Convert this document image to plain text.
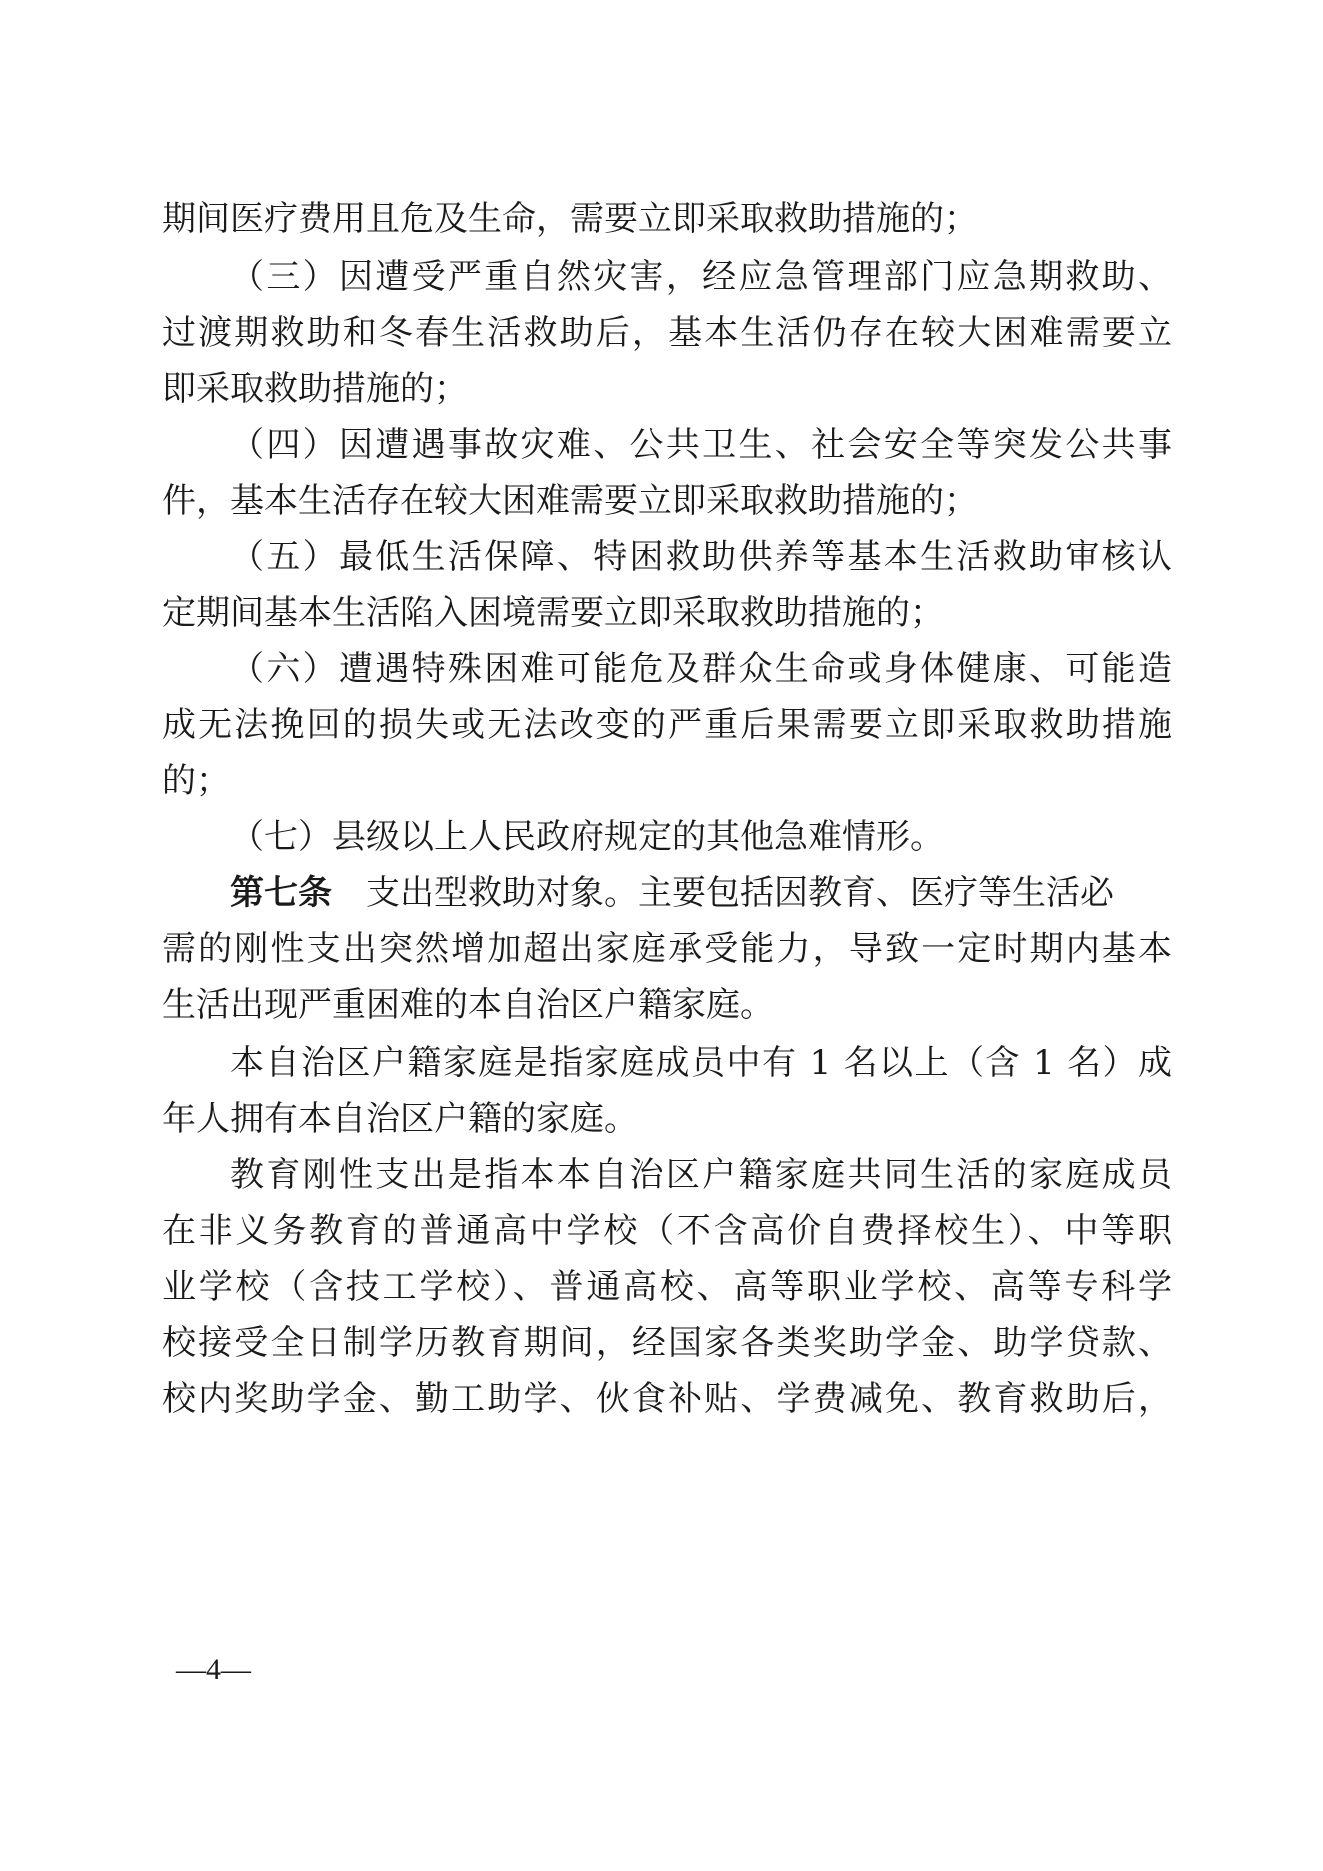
期间医疗费用且危及生命，需要立即采取救助措施的；
（三）因遭受严重自然灾害，经应急管理部门应急期救助、
过渡期救助和冬春生活救助后，基本生活仍存在较大困难需要立
即采取救助措施的；
（四）因遭遇事故灾难、公共卫生、社会安全等突发公共事
件，基本生活存在较大困难需要立即采取救助措施的；
（五）最低生活保障、特困救助供养等基本生活救助审核认
定期间基本生活陷入困境需要立即采取救助措施的；
（六）遭遇特殊困难可能危及群众生命或身体健康、可能造
成无法挽回的损失或无法改变的严重后果需要立即采取救助措施
的；
（七）县级以上人民政府规定的其他急难情形。
第七条 支出型救助对象。主要包括因教育、医疗等生活必
需的刚性支出突然增加超出家庭承受能力，导致一定时期内基本
生活出现严重困难的本自治区户籍家庭。
本自治区户籍家庭是指家庭成员中有 1 名以上（含 1 名）成
年人拥有本自治区户籍的家庭。
教育刚性支出是指本本自治区户籍家庭共同生活的家庭成员
在非义务教育的普通高中学校（不含高价自费择校生）、中等职
业学校（含技工学校）、普通高校、高等职业学校、高等专科学
校接受全日制学历教育期间，经国家各类奖助学金、助学贷款、
校内奖助学金、勤工助学、伙食补贴、学费减免、教育救助后，
—4—
